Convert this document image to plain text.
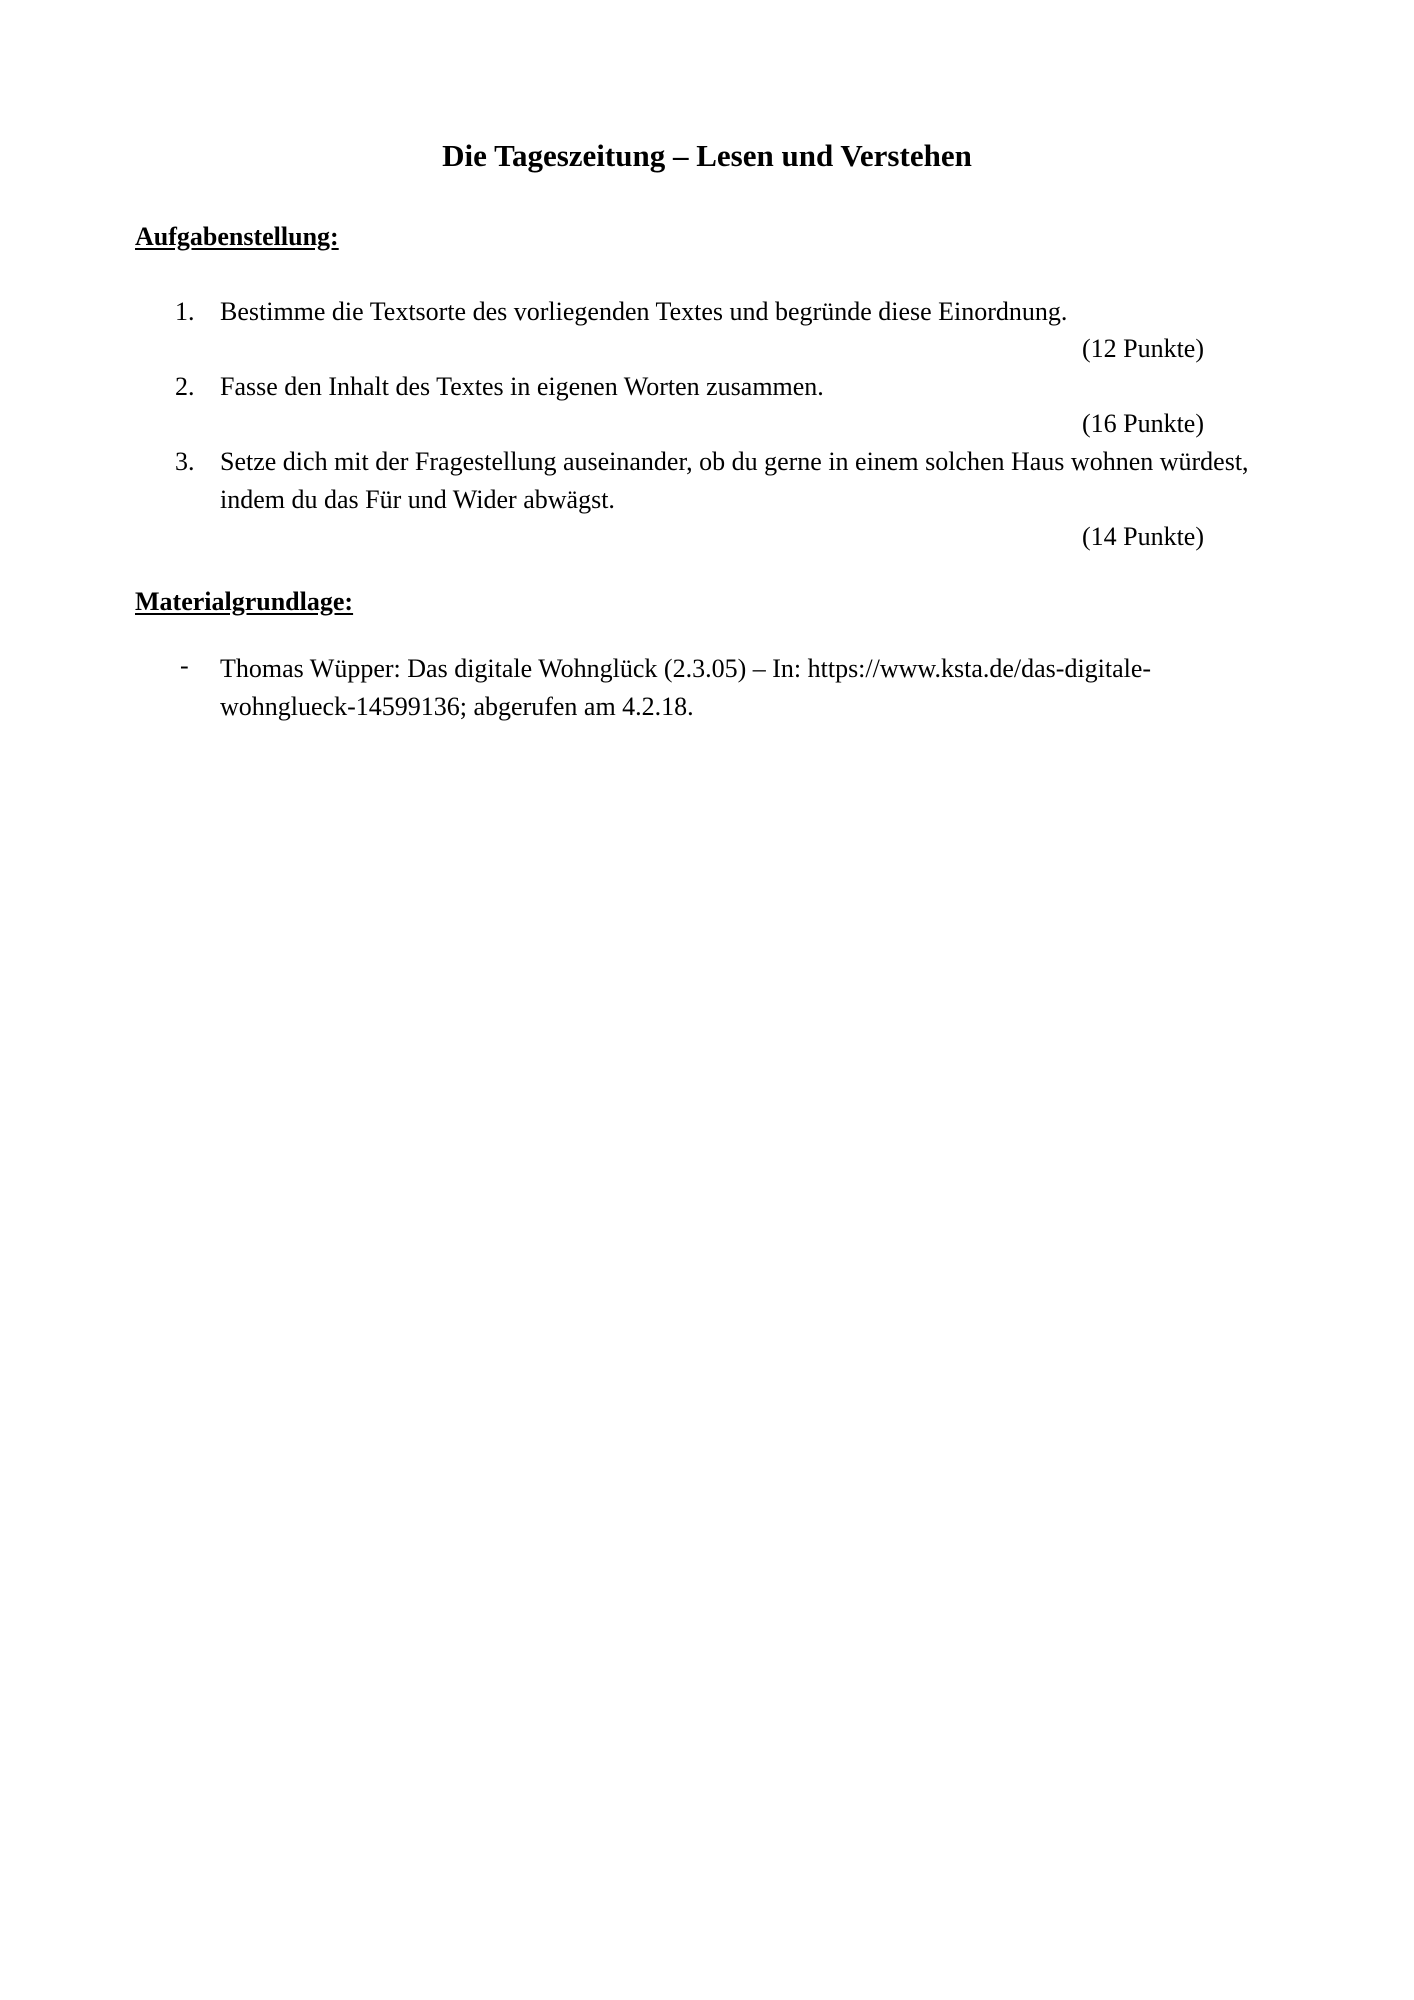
Die Tageszeitung – Lesen und Verstehen
Aufgabenstellung:
1. Bestimme die Textsorte des vorliegenden Textes und begründe diese Einordnung.
(12 Punkte)
2. Fasse den Inhalt des Textes in eigenen Worten zusammen.
(16 Punkte)
3. Setze dich mit der Fragestellung auseinander, ob du gerne in einem solchen Haus wohnen würdest, indem du das Für und Wider abwägst.
(14 Punkte)
Materialgrundlage:
-	Thomas Wüpper: Das digitale Wohnglück (2.3.05) – In: https://www.ksta.de/das-digitale-wohnglueck-14599136; abgerufen am 4.2.18.
